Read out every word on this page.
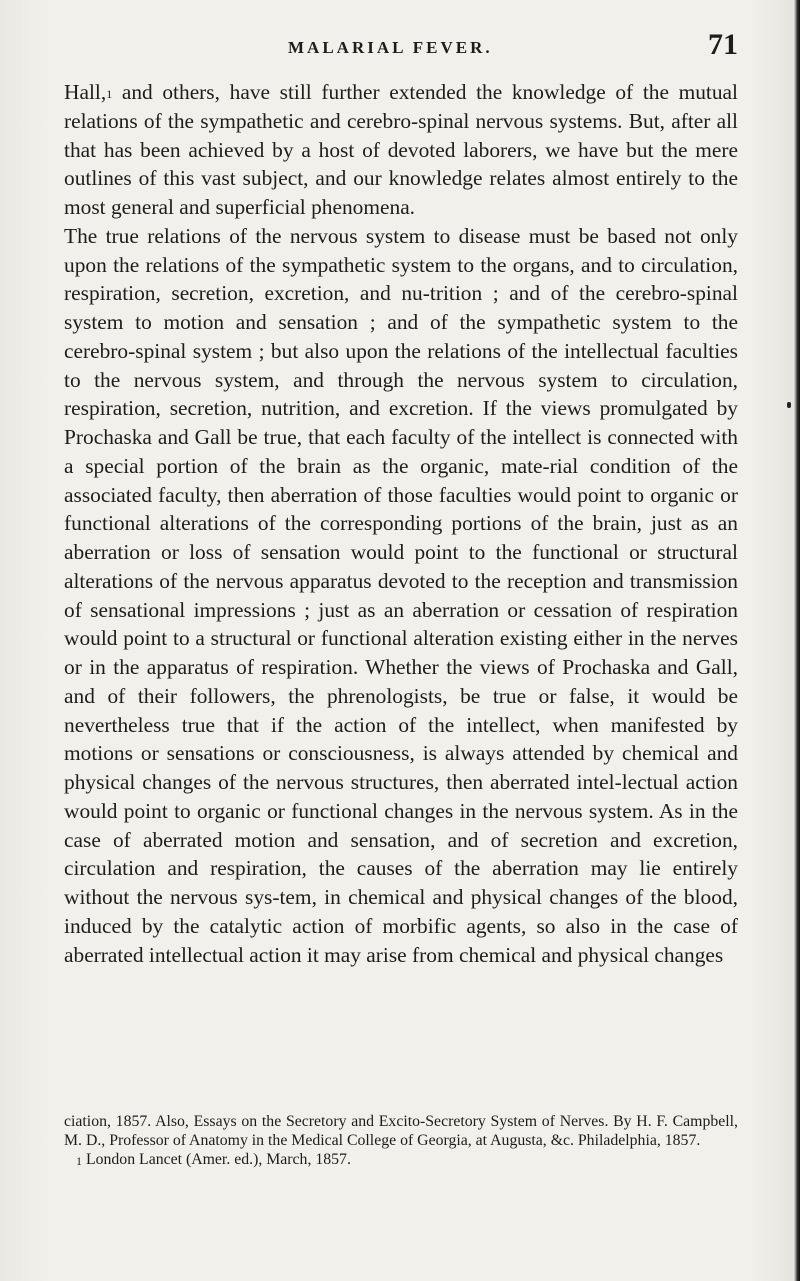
MALARIAL FEVER.	71

Hall,$^1$ and others, have still further extended the knowledge of the mutual relations of the sympathetic and cerebro-spinal nervous systems. But, after all that has been achieved by a host of devoted laborers, we have but the mere outlines of this vast subject, and our knowledge relates almost entirely to the most general and superficial phenomena.

The true relations of the nervous system to disease must be based not only upon the relations of the sympathetic system to the organs, and to circulation, respiration, secretion, excretion, and nu-trition ; and of the cerebro-spinal system to motion and sensation ; and of the sympathetic system to the cerebro-spinal system ; but also upon the relations of the intellectual faculties to the nervous system, and through the nervous system to circulation, respiration, secretion, nutrition, and excretion. If the views promulgated by Prochaska and Gall be true, that each faculty of the intellect is connected with a special portion of the brain as the organic, mate-rial condition of the associated faculty, then aberration of those faculties would point to organic or functional alterations of the corresponding portions of the brain, just as an aberration or loss of sensation would point to the functional or structural alterations of the nervous apparatus devoted to the reception and transmission of sensational impressions ; just as an aberration or cessation of respiration would point to a structural or functional alteration existing either in the nerves or in the apparatus of respiration. Whether the views of Prochaska and Gall, and of their followers, the phrenologists, be true or false, it would be nevertheless true that if the action of the intellect, when manifested by motions or sensations or consciousness, is always attended by chemical and physical changes of the nervous structures, then aberrated intel-lectual action would point to organic or functional changes in the nervous system. As in the case of aberrated motion and sensation, and of secretion and excretion, circulation and respiration, the causes of the aberration may lie entirely without the nervous sys-tem, in chemical and physical changes of the blood, induced by the catalytic action of morbific agents, so also in the case of aberrated intellectual action it may arise from chemical and physical changes

ciation, 1857. Also, Essays on the Secretory and Excito-Secretory System of Nerves. By H. F. Campbell, M. D., Professor of Anatomy in the Medical College of Georgia, at Augusta, &c. Philadelphia, 1857.

$^1$ London Lancet (Amer. ed.), March, 1857.
